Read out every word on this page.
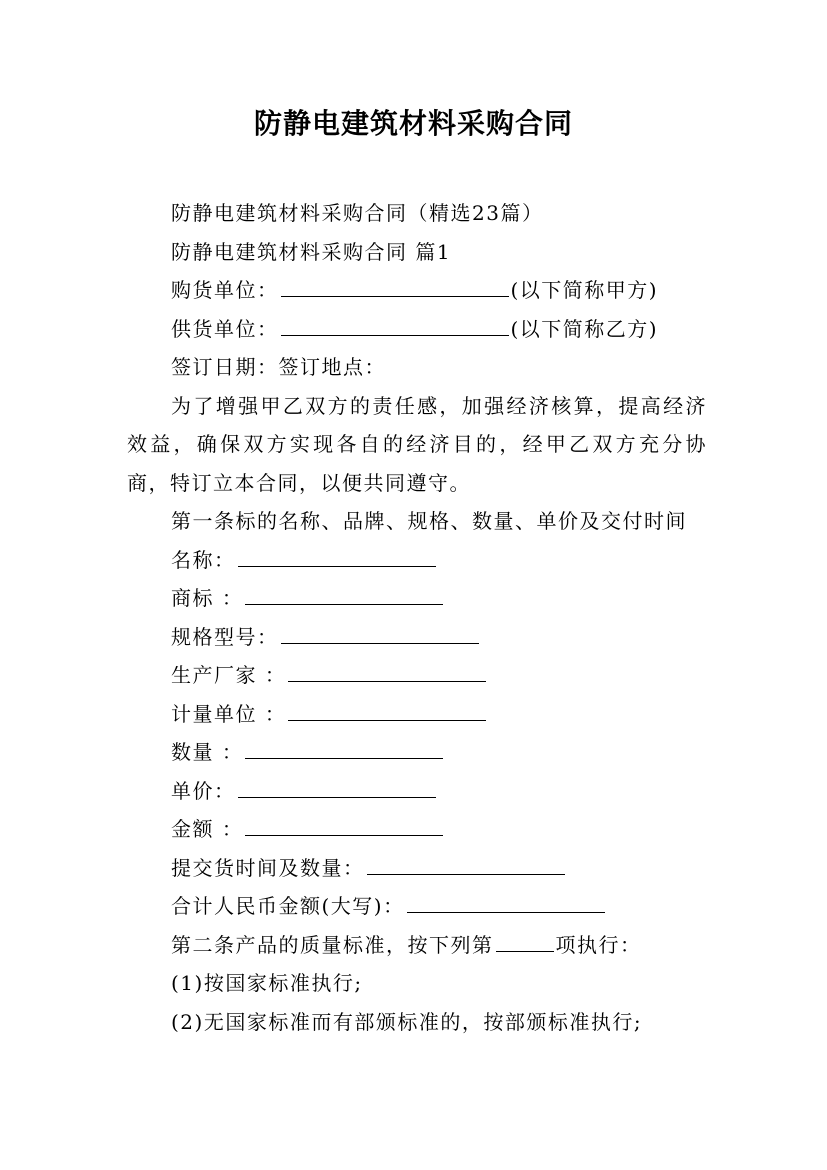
防静电建筑材料采购合同
防静电建筑材料采购合同（精选23篇）
防静电建筑材料采购合同 篇1
购货单位：	(以下简称甲方)
供货单位：	(以下简称乙方)
签订日期：签订地点：
为了增强甲乙双方的责任感，加强经济核算，提高经济效益，确保双方实现各自的经济目的，经甲乙双方充分协商，特订立本合同，以便共同遵守。
第一条标的名称、品牌、规格、数量、单价及交付时间
名称：
商标 ：
规格型号：
生产厂家 ：
计量单位 ：
数量 ：
单价：
金额 ：
提交货时间及数量：
合计人民币金额(大写)：
第二条产品的质量标准，按下列第	项执行：
(1)按国家标准执行;
(2)无国家标准而有部颁标准的，按部颁标准执行;
